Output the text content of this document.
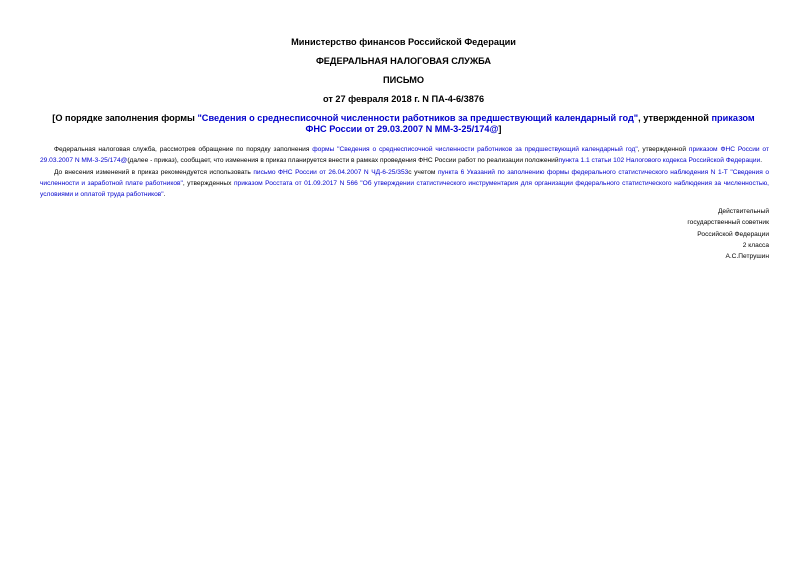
Министерство финансов Российской Федерации
ФЕДЕРАЛЬНАЯ НАЛОГОВАЯ СЛУЖБА
ПИСЬМО
от 27 февраля 2018 г. N ПА-4-6/3876
[О порядке заполнения формы "Сведения о среднесписочной численности работников за предшествующий календарный год", утвержденной приказом ФНС России от 29.03.2007 N ММ-3-25/174@]

Федеральная налоговая служба, рассмотрев обращение по порядку заполнения формы "Сведения о среднесписочной численности работников за предшествующий календарный год", утвержденной приказом ФНС России от 29.03.2007 N ММ-3-25/174@(далее - приказ), сообщает, что изменения в приказ планируется внести в рамках проведения ФНС России работ по реализации положенийпункта 1.1 статьи 102 Налогового кодекса Российской Федерации.

До внесения изменений в приказ рекомендуется использовать письмо ФНС России от 26.04.2007 N ЧД-6-25/353с учетом пункта 6 Указаний по заполнению формы федерального статистического наблюдения N 1-Т "Сведения о численности и заработной плате работников", утвержденных приказом Росстата от 01.09.2017 N 566 "Об утверждении статистического инструментария для организации федерального статистического наблюдения за численностью, условиями и оплатой труда работников".

Действительный
государственный советник
Российской Федерации
2 класса
А.С.Петрушин
